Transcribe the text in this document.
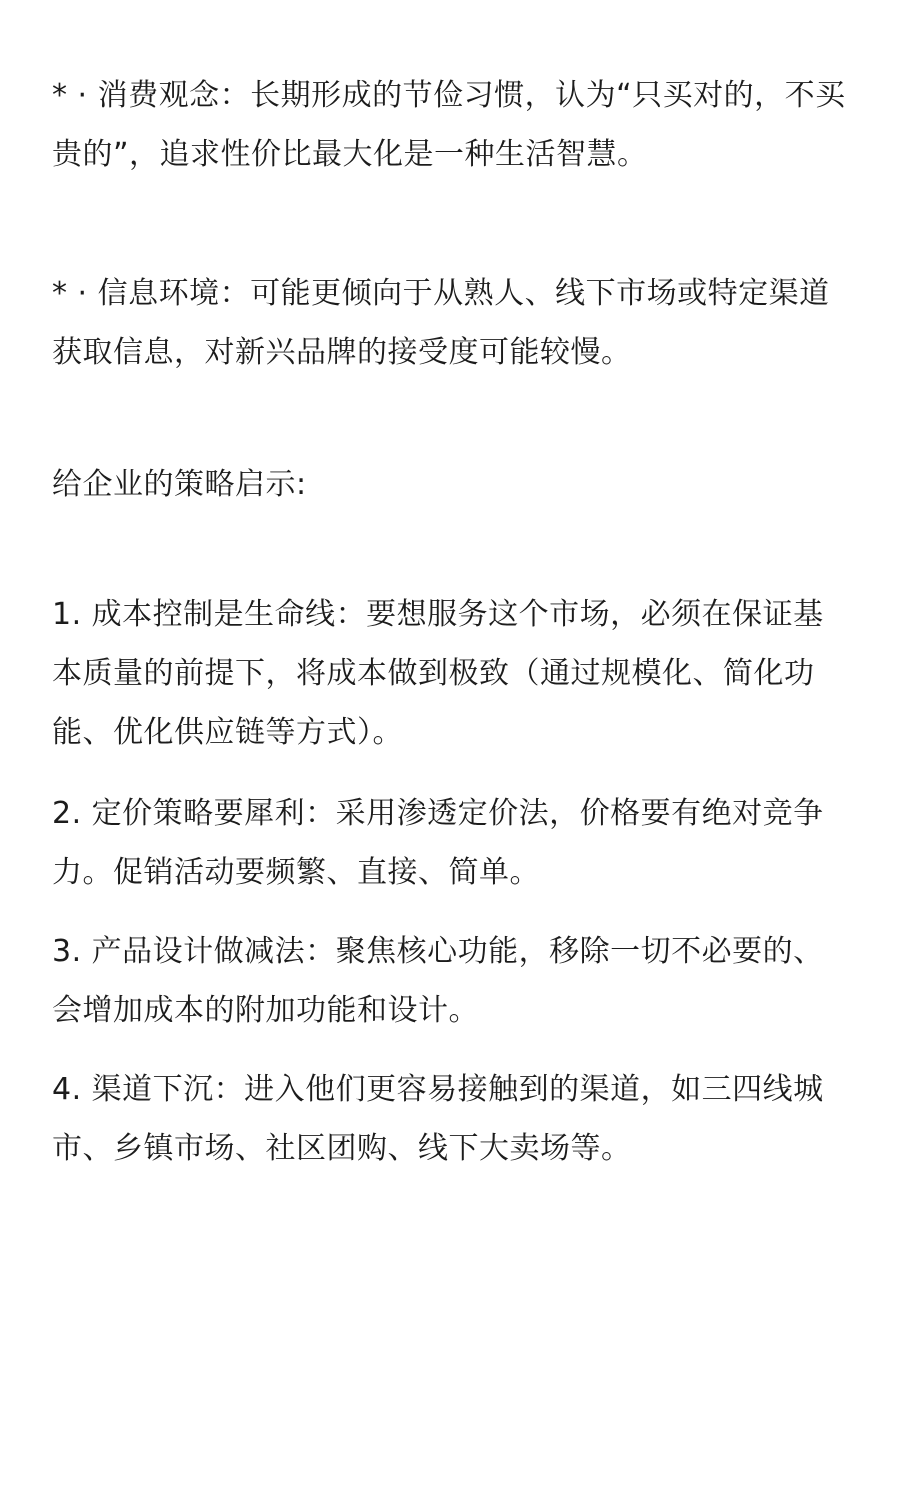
* · 消费观念：长期形成的节俭习惯，认为“只买对的，不买贵的”，追求性价比最大化是一种生活智慧。

* · 信息环境：可能更倾向于从熟人、线下市场或特定渠道获取信息，对新兴品牌的接受度可能较慢。

给企业的策略启示:

1. 成本控制是生命线：要想服务这个市场，必须在保证基本质量的前提下，将成本做到极致（通过规模化、简化功能、优化供应链等方式）。

2. 定价策略要犀利：采用渗透定价法，价格要有绝对竞争力。促销活动要频繁、直接、简单。

3. 产品设计做减法：聚焦核心功能，移除一切不必要的、会增加成本的附加功能和设计。

4. 渠道下沉：进入他们更容易接触到的渠道，如三四线城市、乡镇市场、社区团购、线下大卖场等。
